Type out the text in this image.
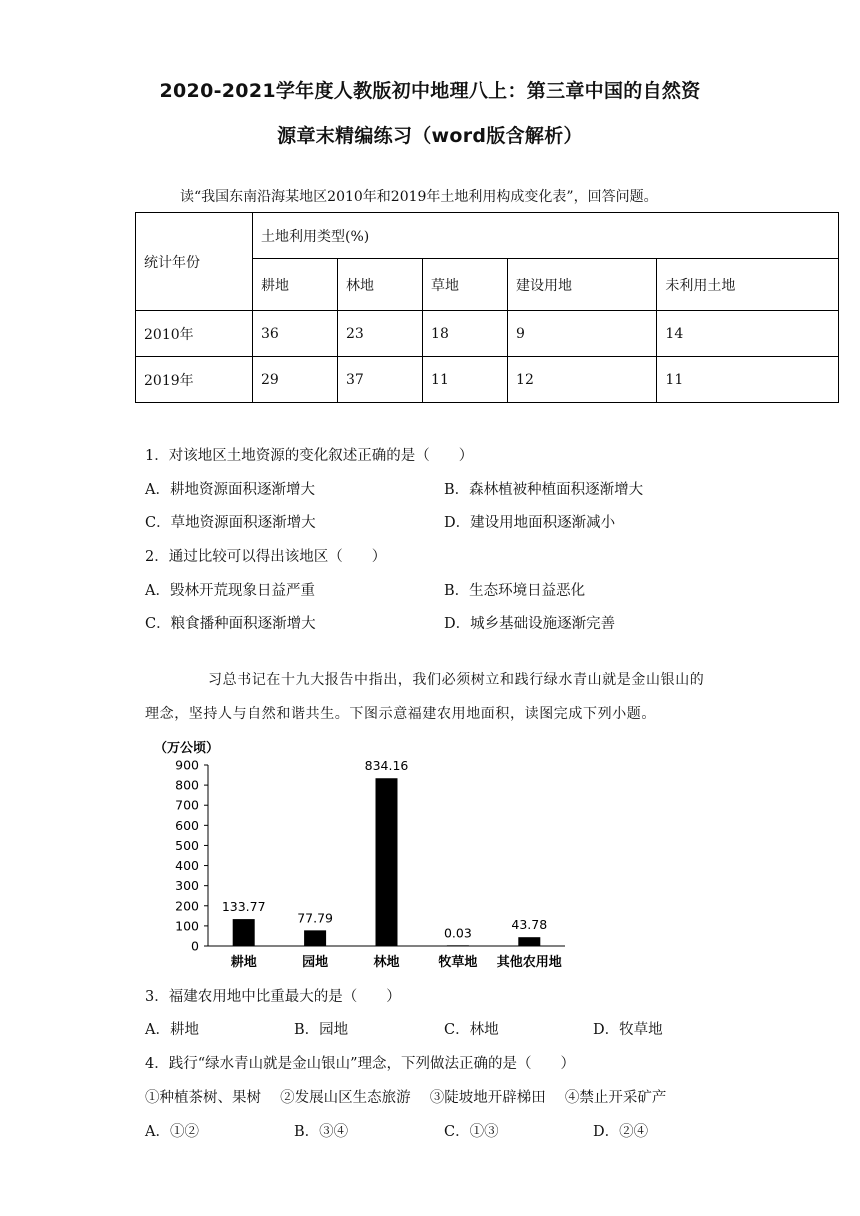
2020-2021学年度人教版初中地理八上：第三章中国的自然资
源章末精编练习（word版含解析）
读“我国东南沿海某地区2010年和2019年土地利用构成变化表”，回答问题。
统计年份	土地利用类型(%)				
	耕地	林地	草地	建设用地	未利用土地
2010年	36	23	18	9	14
2019年	29	37	11	12	11
1．对该地区土地资源的变化叙述正确的是（　　）
A．耕地资源面积逐渐增大	B．森林植被种植面积逐渐增大
C．草地资源面积逐渐增大	D．建设用地面积逐渐减小
2．通过比较可以得出该地区（　　）
A．毁林开荒现象日益严重	B．生态环境日益恶化
C．粮食播种面积逐渐增大	D．城乡基础设施逐渐完善
习总书记在十九大报告中指出，我们必须树立和践行绿水青山就是金山银山的
理念，坚持人与自然和谐共生。下图示意福建农用地面积，读图完成下列小题。
（万公顷）
0
100
200
300
400
500
600
700
800
900
133.77
耕地
77.79
园地
834.16
林地
0.03
牧草地
43.78
其他农用地
3．福建农用地中比重最大的是（　　）
A．耕地	B．园地	C．林地	D．牧草地
4．践行“绿水青山就是金山银山”理念，下列做法正确的是（　　）
①种植茶树、果树　 ②发展山区生态旅游　 ③陡坡地开辟梯田　 ④禁止开采矿产
A．①②	B．③④	C．①③	D．②④
